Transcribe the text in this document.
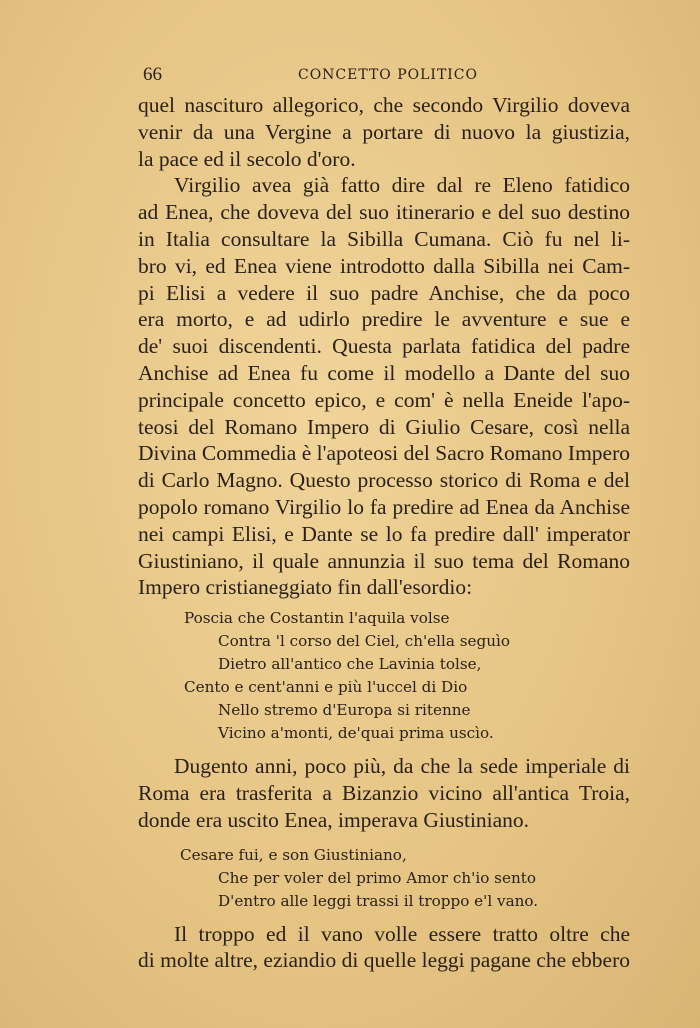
66	CONCETTO POLITICO

quel nascituro allegorico, che secondo Virgilio doveva
venir da una Vergine a portare di nuovo la giustizia,
la pace ed il secolo d'oro.

Virgilio avea già fatto dire dal re Eleno fatidico
ad Enea, che doveva del suo itinerario e del suo destino
in Italia consultare la Sibilla Cumana. Ciò fu nel li-
bro vi, ed Enea viene introdotto dalla Sibilla nei Cam-
pi Elisi a vedere il suo padre Anchise, che da poco
era morto, e ad udirlo predire le avventure e sue e
de' suoi discendenti. Questa parlata fatidica del padre
Anchise ad Enea fu come il modello a Dante del suo
principale concetto epico, e com' è nella Eneide l'apo-
teosi del Romano Impero di Giulio Cesare, così nella
Divina Commedia è l'apoteosi del Sacro Romano Impero
di Carlo Magno. Questo processo storico di Roma e del
popolo romano Virgilio lo fa predire ad Enea da Anchise
nei campi Elisi, e Dante se lo fa predire dall' imperator
Giustiniano, il quale annunzia il suo tema del Romano
Impero cristianeggiato fin dall'esordio:

Poscia che Costantin l'aquila volse
Contra 'l corso del Ciel, ch'ella seguìo
Dietro all'antico che Lavinia tolse,
Cento e cent'anni e più l'uccel di Dio
Nello stremo d'Europa si ritenne
Vicino a'monti, de'quai prima uscìo.

Dugento anni, poco più, da che la sede imperiale di
Roma era trasferita a Bizanzio vicino all'antica Troia,
donde era uscito Enea, imperava Giustiniano.

Cesare fui, e son Giustiniano,
Che per voler del primo Amor ch'io sento
D'entro alle leggi trassi il troppo e'l vano.

Il troppo ed il vano volle essere tratto oltre che
di molte altre, eziandio di quelle leggi pagane che ebbero
